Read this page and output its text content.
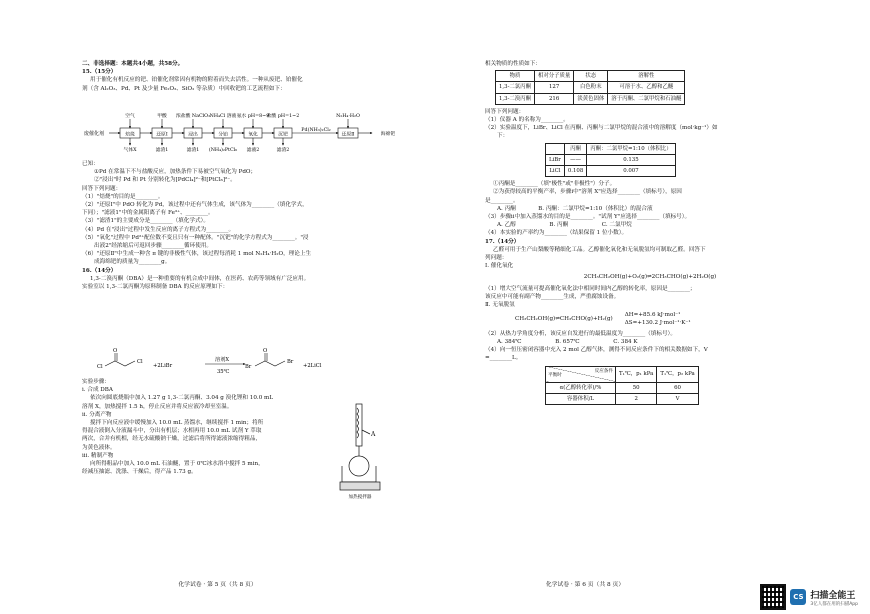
二、非选择题：本题共4小题，共58分。

15.（15分）

用于催化有机反应的钯、铂催化剂常因有机物的附着而失去活性。一种从废钯、铂催化

剂（含 Al₂O₃、Pd、Pt 及少量 Fe₂O₃、SiO₂ 等杂质）中回收钯的工艺流程如下：

废催化剂	焙烧	还原Ⅰ	浸出	分铂	氧化	沉钯	还原Ⅱ
空气	甲酸 浓盐酸 NaClO₃ NH₄Cl 溶液 氨水 pH=8~9
盐酸 pH=1~2
Pd(NH₃)₂Cl₂
N₂H₄·H₂O
气体X	滤渣1	滤渣1 (NH₄)₂PtCl₆ 滤液2	滤渣2
海绵钯

已知：

①Pd 在常温下不与盐酸反应，加热条件下易被空气氧化为 PdO；

②"浸出"时 Pd 和 Pt 分别转化为[PdCl₄]²⁻和[PtCl₆]²⁻。

回答下列问题：

（1）"焙烧"的目的是________。

（2）"还原Ⅰ"中 PdO 转化为 Pd，该过程中还有气体生成，该气体为________（填化学式，

下同）；"滤液1"中的金属阳离子有 Fe³⁺、________。

（3）"滤渣1"的主要成分是________（填化学式）。

（4）Pd 在"浸出"过程中发生反应的离子方程式为________。

（5）"氧化"过程中 Pd²⁺配位数不变且只有一种配体。"沉钯"的化学方程式为________。"浸

出液2"经浓缩后可返回步骤________循环使用。

（6）"还原Ⅱ"中生成一种含 π 键的非极性气体，该过程每消耗 1 mol N₂H₄·H₂O，理论上生

成海绵钯的质量为________g。

16.（14分）

1,3-二溴丙酮（DBA）是一种重要的有机合成中间体，在医药、农药等领域有广泛应用。

实验室以 1,3-二氯丙酮为原料制备 DBA 的反应原理如下：

Cl
Cl
O
+2LiBr
溶剂X
35℃
Br
Br
O
+2LiCl

实验步骤：

ⅰ. 合成 DBA

依次向圆底烧瓶中加入 1.27 g 1,3-二氯丙酮、3.04 g 溴化锂和 10.0 mL

溶剂 X，加热搅拌 1.5 h，停止反应并将反应液冷却至室温。

ⅱ. 分离产物

搅拌下向反应液中缓慢加入 10.0 mL 蒸馏水，继续搅拌 1 min；将所

得混合液倒入分液漏斗中，分出有机层；水相再用 10.0 mL 试剂 Y 萃取

两次，合并有机相，经无水硫酸钠干燥，过滤后将所得滤液浓缩得粗品，

为黄色液体。

ⅲ. 精制产物

向所得粗品中加入 10.0 mL 石油醚，置于 0℃冰水浴中搅拌 5 min，

经减压抽滤、洗涤、干燥后，得产品 1.73 g。

A
加热搅拌器
化学试卷 · 第 5 页（共 8 页）

相关物质的性质如下：

物质	相对分子质量	状态	溶解性
1,3-二氯丙酮	127	白色粉末	可溶于水、乙醇和乙醚
1,3-二溴丙酮	216	淡黄色固体	溶于丙酮、二氯甲烷和石油醚

回答下列问题：

（1）仪器 A 的名称为________。

（2）实验温度下，LiBr、LiCl 在丙酮、丙酮与二氯甲烷的混合液中的溶解度（mol·kg⁻¹）如

下：

	丙酮	丙酮：二氯甲烷=1:10（体积比）
LiBr	——	0.135
LiCl	0.108	0.007

①丙酮是________（填"极性"或"非极性"）分子。

②为获得较高的平衡产率，步骤ⅰ中"溶剂 X"应选择________（填标号），原因

是________。

A. 丙酮    	B. 丙酮：二氯甲烷=1:10（体积比）的混合液

（3）步骤ⅱ中加入蒸馏水的目的是________。"试剂 Y"应选择________（填标号）。

A. 乙醇      	B. 丙酮      	C. 二氯甲烷

（4）本实验的产率约为________（结果保留 1 位小数）。

17.（14分）

乙醛可用于生产山梨酸等精细化工品。乙醇催化氧化和无氧脱氢均可制取乙醛。回答下

列问题：

Ⅰ. 催化氧化

2CH₃CH₂OH(g)+O₂(g)⇌2CH₃CHO(g)+2H₂O(g)

（1）增大空气流量可提高催化氧化法中相同时间内乙醇的转化率，原因是________；

该反应中可能有副产物________生成，严重腐蚀设备。

Ⅱ. 无氧脱氢

CH₃CH₂OH(g)⇌CH₃CHO(g)+H₂(g)
ΔH=+85.6 kJ·mol⁻¹
ΔS=+130.2 J·mol⁻¹·K⁻¹

（2）从热力学角度分析，该反应自发进行的最低温度为________（填标号）。

A. 384℃      	B. 657℃      	C. 384 K

（4）向一恒压密闭容器中充入 2 mol 乙醇气体，测得不同反应条件下的相关数据如下，V

=________L。

反应条件
平衡时	T₁℃，p₁ kPa	T₁℃，p₂ kPa
α(乙醇转化率)/%	50	60
容器体积/L	2	V
化学试卷 · 第 6 页（共 8 页）
CS 扫描全能王
3亿人都在用的扫描App
